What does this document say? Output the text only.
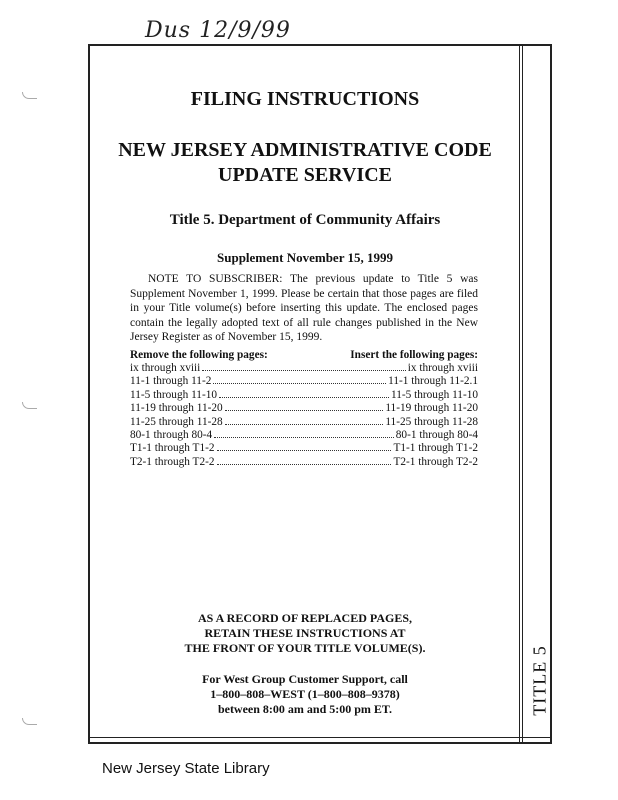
Dus 12/9/99
TITLE 5
FILING INSTRUCTIONS
NEW JERSEY ADMINISTRATIVE CODE
UPDATE SERVICE
Title 5. Department of Community Affairs
Supplement November 15, 1999
NOTE TO SUBSCRIBER: The previous update to Title 5 was Supplement November 1, 1999. Please be certain that those pages are filed in your Title volume(s) before inserting this update. The enclosed pages contain the legally adopted text of all rule changes published in the New Jersey Register as of November 15, 1999.
Remove the following pages:	Insert the following pages:
ix through xviii	ix through xviii
11-1 through 11-2	11-1 through 11-2.1
11-5 through 11-10	11-5 through 11-10
11-19 through 11-20	11-19 through 11-20
11-25 through 11-28	11-25 through 11-28
80-1 through 80-4	80-1 through 80-4
T1-1 through T1-2	T1-1 through T1-2
T2-1 through T2-2	T2-1 through T2-2
AS A RECORD OF REPLACED PAGES,
RETAIN THESE INSTRUCTIONS AT
THE FRONT OF YOUR TITLE VOLUME(S).
For West Group Customer Support, call
1–800–808–WEST (1–800–808–9378)
between 8:00 am and 5:00 pm ET.
New Jersey State Library
